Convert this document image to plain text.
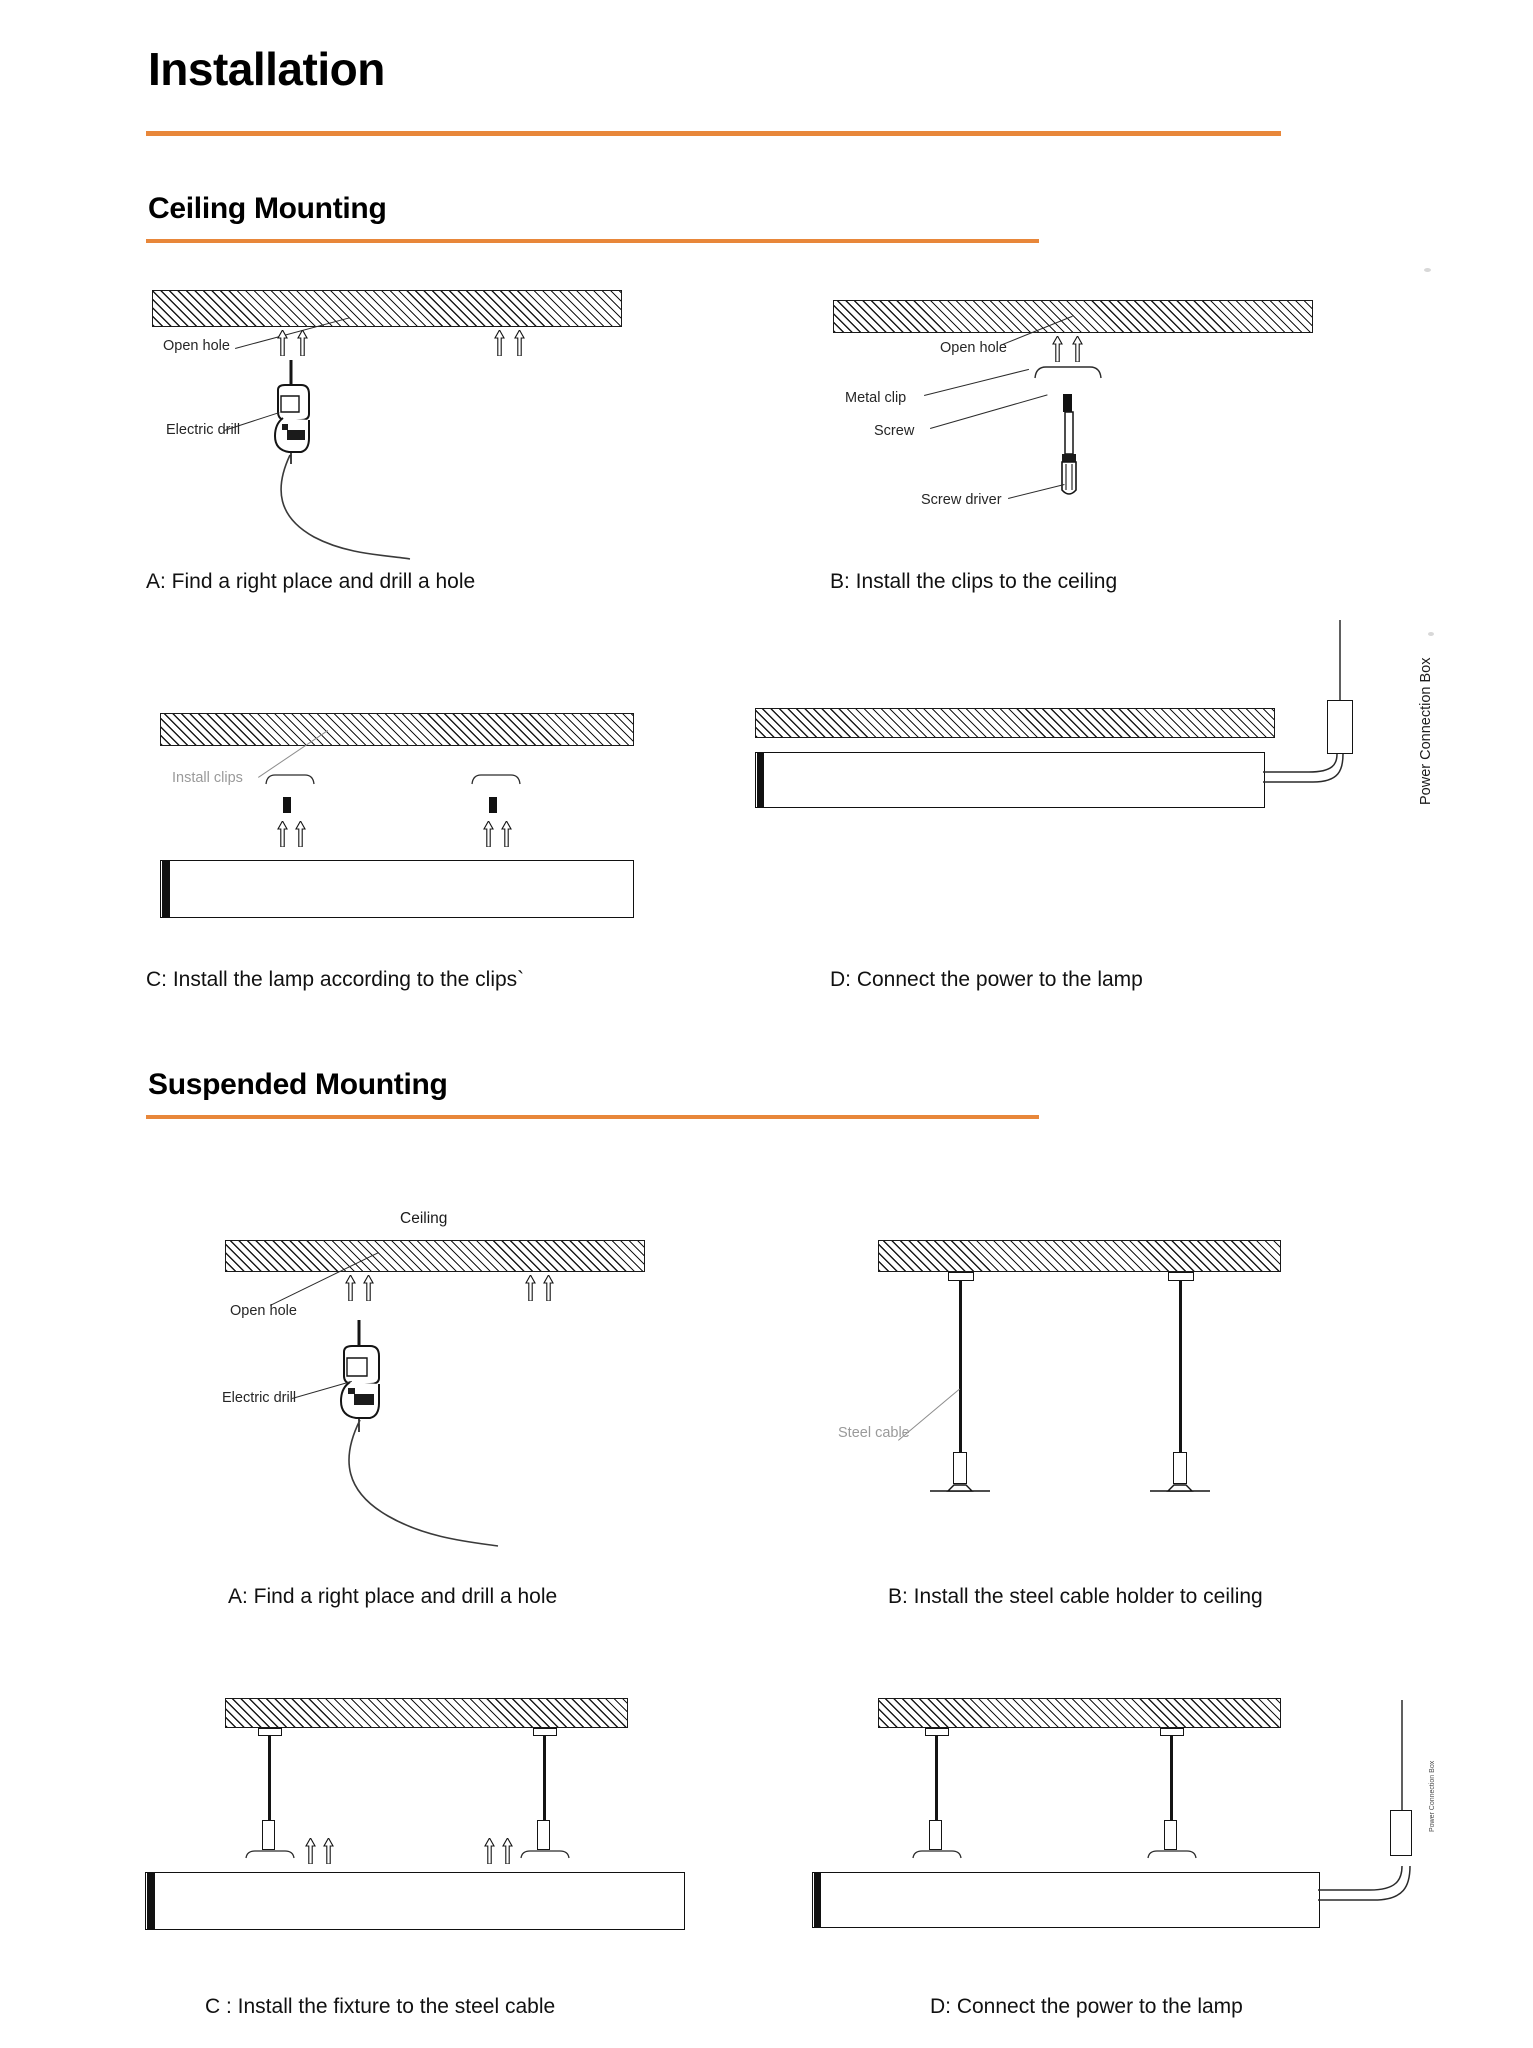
Installation
Ceiling Mounting
Open hole
Electric drill
A: Find a right place and drill a hole
Open hole
Metal clip
Screw
Screw driver
B: Install the clips to the ceiling
Install clips
C: Install the lamp according to the clips`
Power Connection Box
D: Connect the power to the lamp
Suspended Mounting
Ceiling
Open hole
Electric drill
A: Find a right place and drill a hole
Steel cable
B: Install the steel cable holder to ceiling
C : Install the fixture to the steel cable
Power Connection Box
D: Connect the power to the lamp
